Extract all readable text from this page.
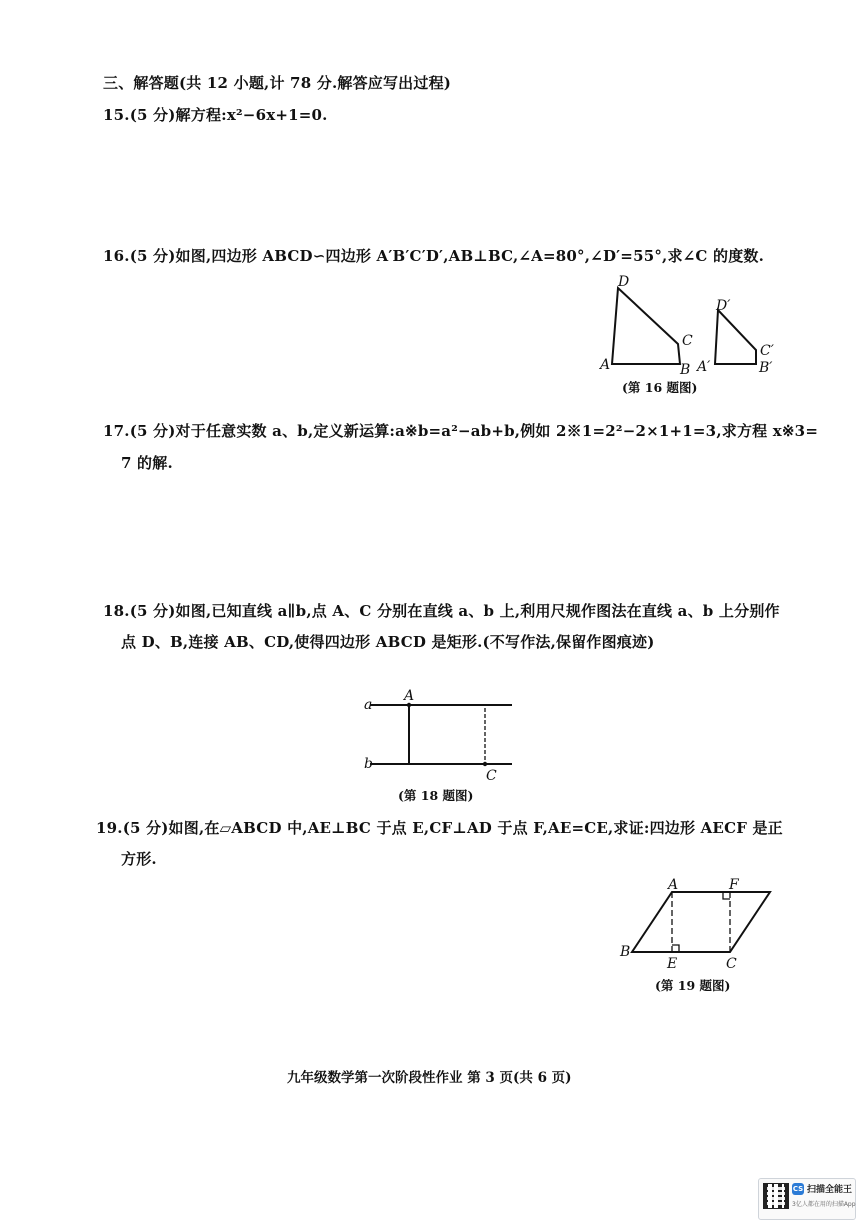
三、解答题(共 12 小题,计 78 分.解答应写出过程)
15.(5 分)解方程:x²−6x+1=0.
16.(5 分)如图,四边形 ABCD∽四边形 A′B′C′D′,AB⊥BC,∠A=80°,∠D′=55°,求∠C 的度数.
D
A	B
C
D′
A′	B′
C′
(第 16 题图)
17.(5 分)对于任意实数 a、b,定义新运算:a※b=a²−ab+b,例如 2※1=2²−2×1+1=3,求方程 x※3=
7 的解.
18.(5 分)如图,已知直线 a∥b,点 A、C 分别在直线 a、b 上,利用尺规作图法在直线 a、b 上分别作
点 D、B,连接 AB、CD,使得四边形 ABCD 是矩形.(不写作法,保留作图痕迹)
a
b
A
C
(第 18 题图)
19.(5 分)如图,在▱ABCD 中,AE⊥BC 于点 E,CF⊥AD 于点 F,AE=CE,求证:四边形 AECF 是正
方形.
A	F
B
E	C
(第 19 题图)
九年级数学第一次阶段性作业 第 3 页(共 6 页)
CS 扫描全能王
3亿人都在用的扫描App
